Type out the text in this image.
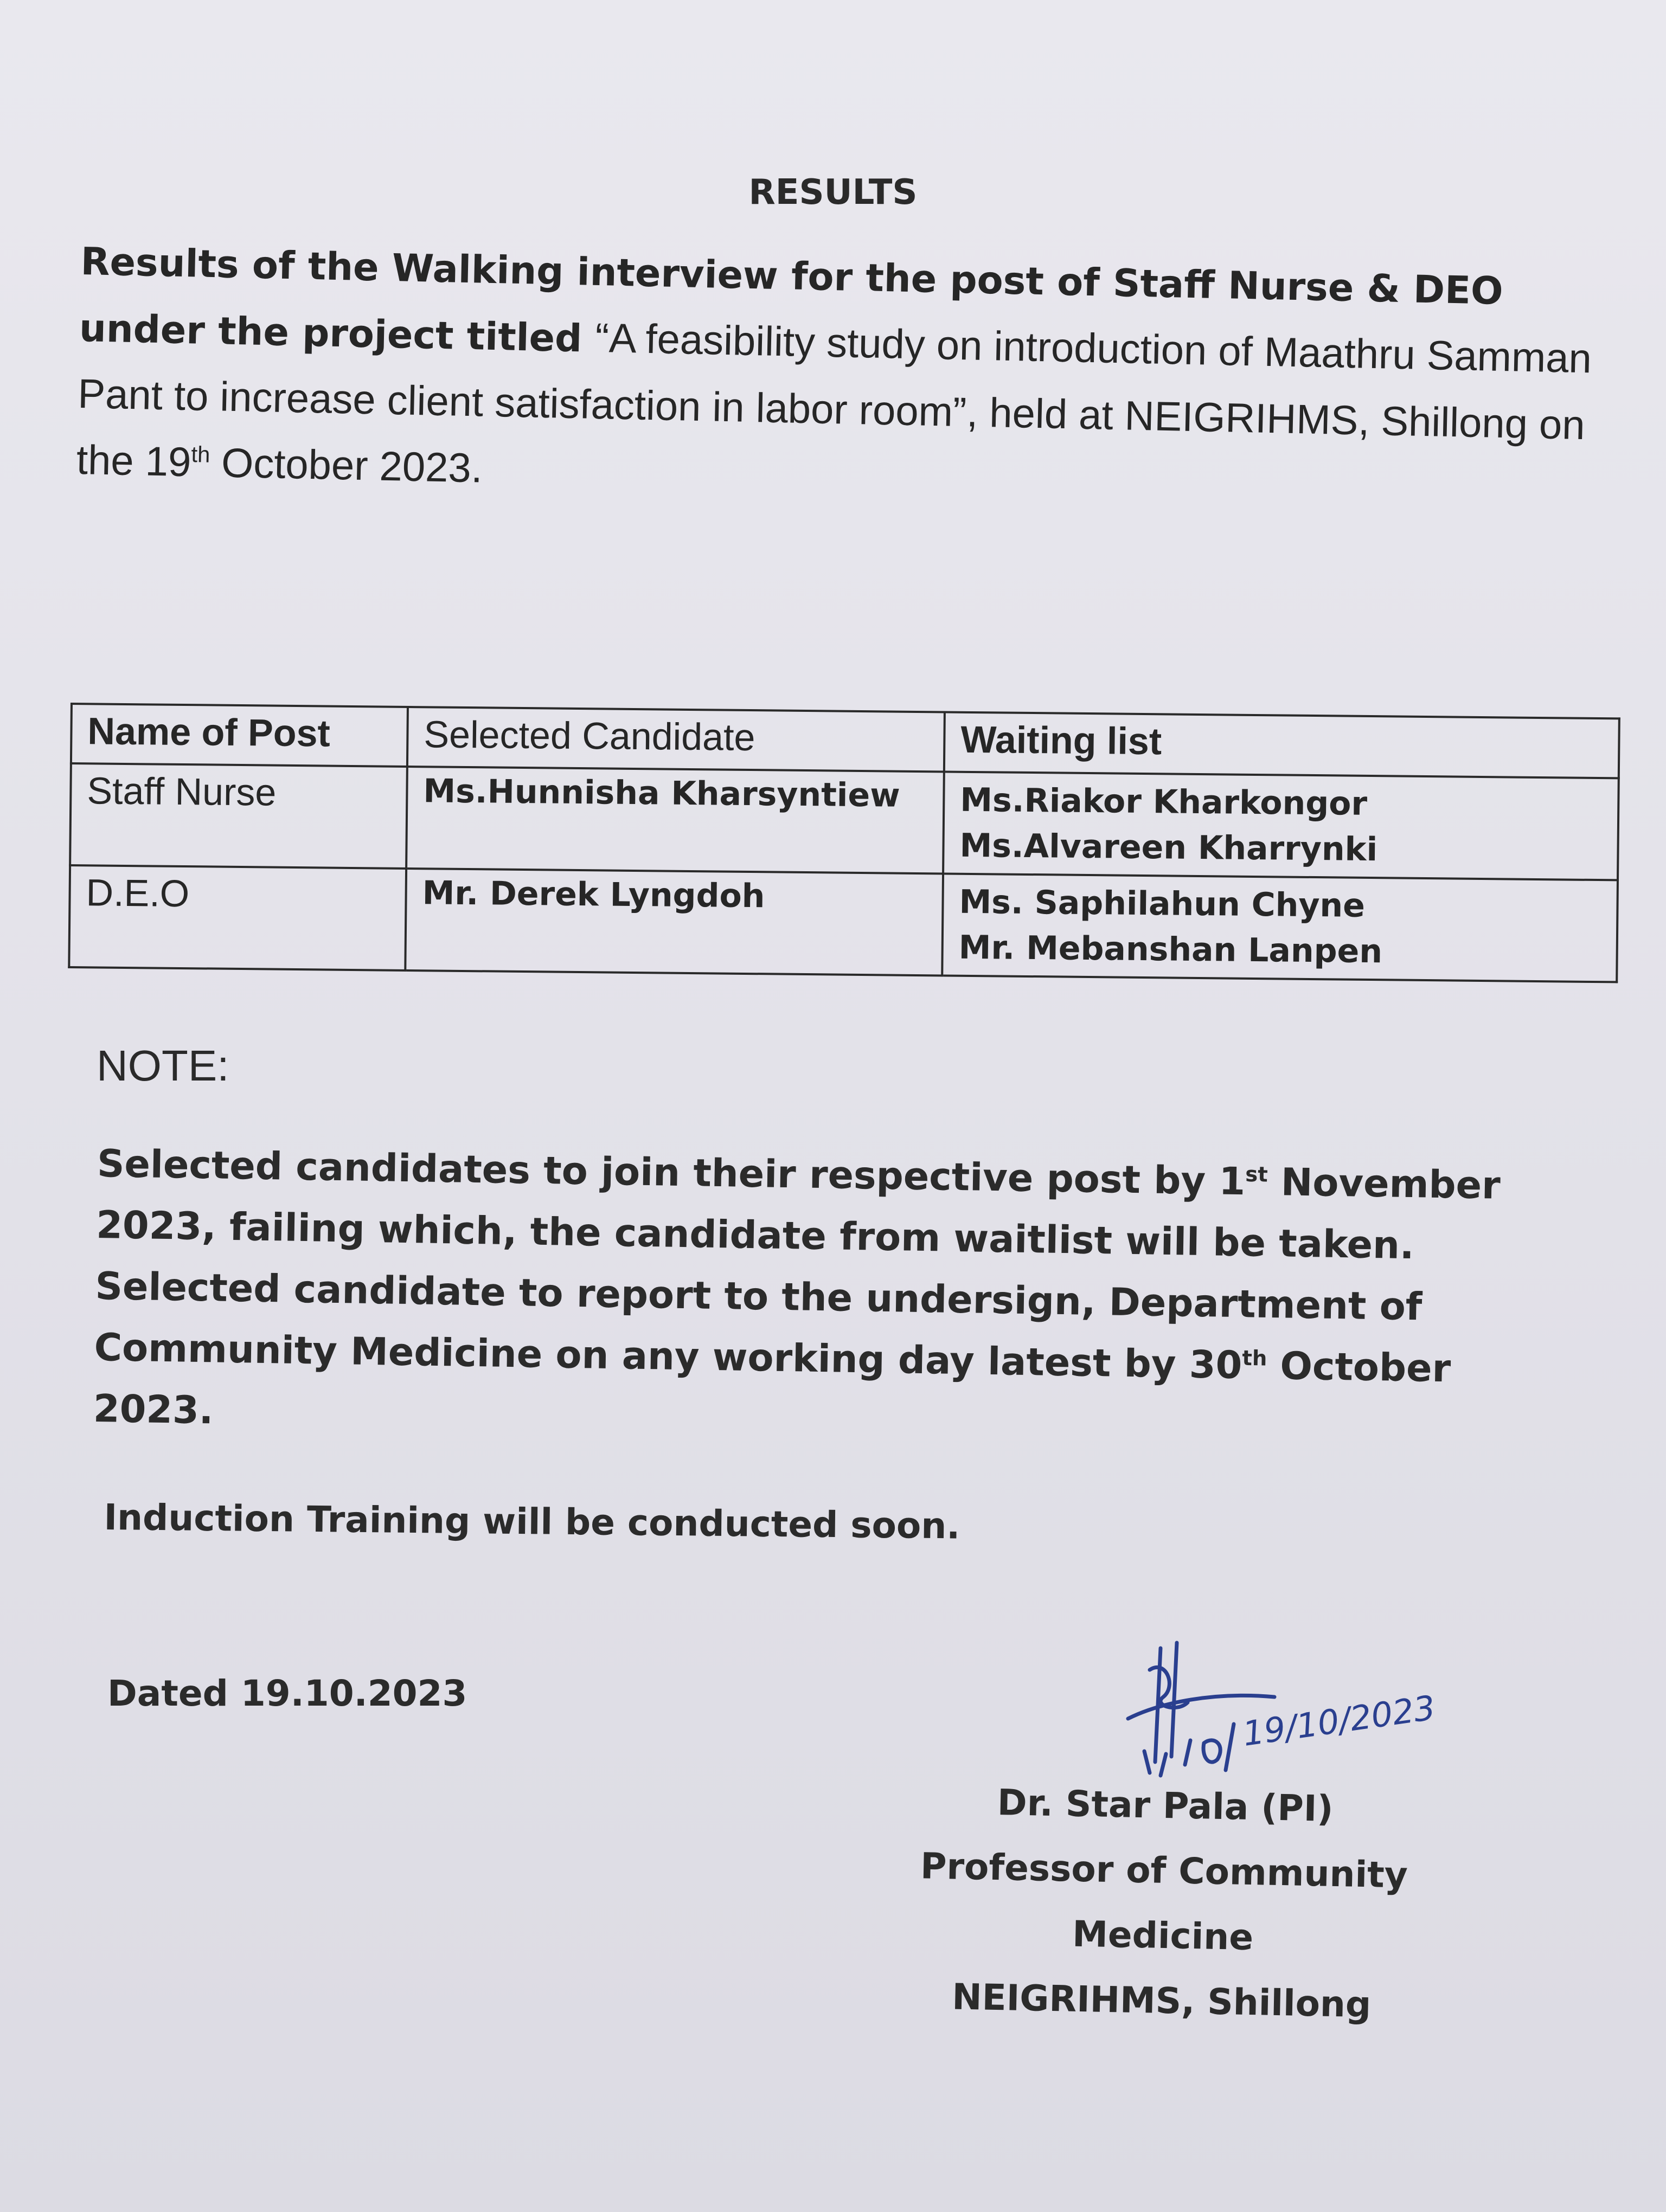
RESULTS
Results of the Walking interview for the post of Staff Nurse & DEO under the project titled “A feasibility study on introduction of Maathru Samman Pant to increase client satisfaction in labor room”, held at NEIGRIHMS, Shillong on the 19th October 2023.
Name of Post	Selected Candidate	Waiting list
Staff Nurse	Ms.Hunnisha Kharsyntiew	Ms.Riakor Kharkongor
Ms.Alvareen Kharrynki

D.E.O	Mr. Derek Lyngdoh	Ms. Saphilahun Chyne
Mr. Mebanshan Lanpen
NOTE:
Selected candidates to join their respective post by 1st November 2023, failing which, the candidate from waitlist will be taken. Selected candidate to report to the undersign, Department of Community Medicine on any working day latest by 30th October 2023.
Induction Training will be conducted soon.
Dated 19.10.2023	19/10/2023
Dr. Star Pala (PI)
Professor of Community Medicine
NEIGRIHMS, Shillong
